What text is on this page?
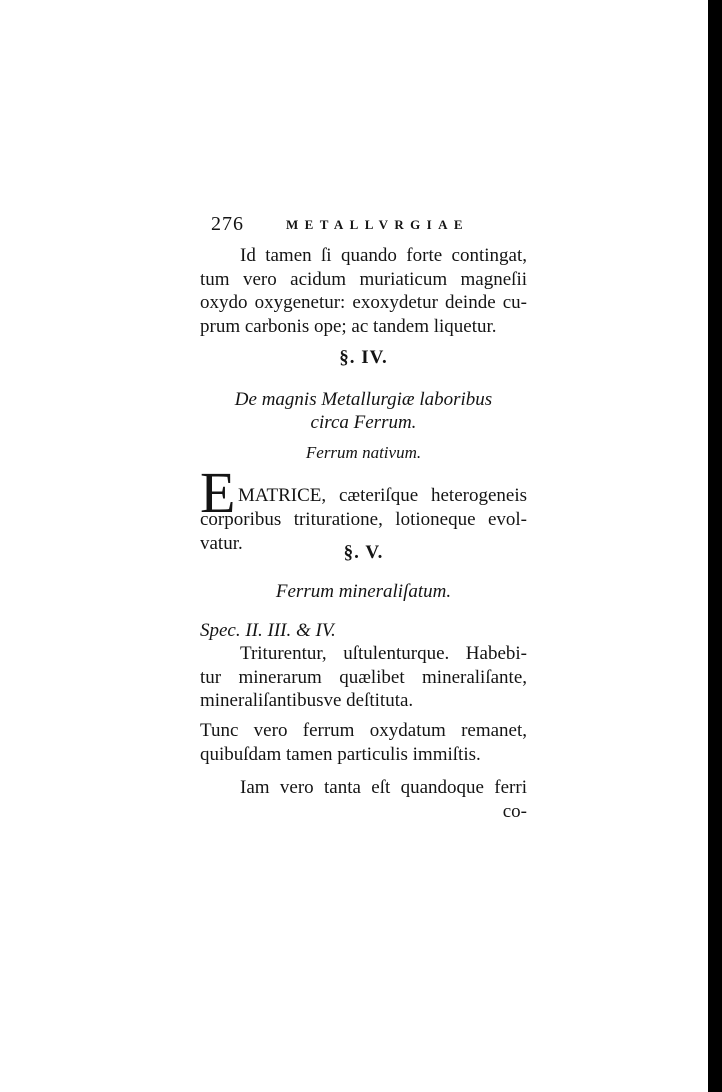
276	METALLVRGIAE
Id tamen ſi quando forte contingat,
tum vero acidum muriaticum magneſii
oxydo oxygenetur: exoxydetur deinde cu-
prum carbonis ope; ac tandem liquetur.
§. IV.
De magnis Metallurgiæ laboribus
circa Ferrum.
Ferrum nativum.
E MATRICE, cæteriſque heterogeneis
corporibus trituratione, lotioneque evol-
vatur.	§. V.
Ferrum mineraliſatum.
Spec. II. III. & IV.
Triturentur, uſtulenturque. Habebi-
tur minerarum quælibet mineraliſante,
mineraliſantibusve deſtituta.
Tunc vero ferrum oxydatum remanet,
quibuſdam tamen particulis immiſtis.
Iam vero tanta eſt quandoque ferri
co-
